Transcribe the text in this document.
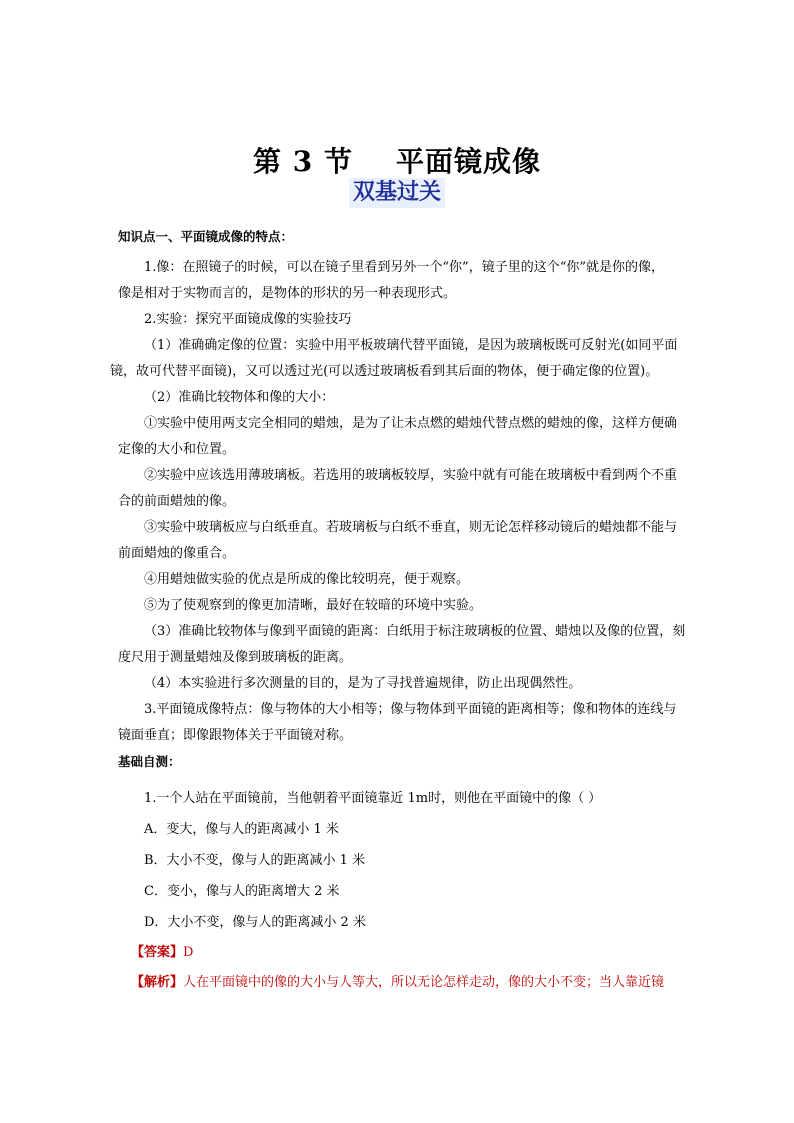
第 3 节    平面镜成像
双基过关
知识点一、平面镜成像的特点：
1.像：在照镜子的时候，可以在镜子里看到另外一个“你”，镜子里的这个“你”就是你的像，
像是相对于实物而言的，是物体的形状的另一种表现形式。
2.实验：探究平面镜成像的实验技巧
（1）准确确定像的位置：实验中用平板玻璃代替平面镜，是因为玻璃板既可反射光(如同平面
镜，故可代替平面镜)，又可以透过光(可以透过玻璃板看到其后面的物体，便于确定像的位置)。
（2）准确比较物体和像的大小：
①实验中使用两支完全相同的蜡烛，是为了让未点燃的蜡烛代替点燃的蜡烛的像，这样方便确
定像的大小和位置。
②实验中应该选用薄玻璃板。若选用的玻璃板较厚，实验中就有可能在玻璃板中看到两个不重
合的前面蜡烛的像。
③实验中玻璃板应与白纸垂直。若玻璃板与白纸不垂直，则无论怎样移动镜后的蜡烛都不能与
前面蜡烛的像重合。
④用蜡烛做实验的优点是所成的像比较明亮，便于观察。
⑤为了使观察到的像更加清晰，最好在较暗的环境中实验。
（3）准确比较物体与像到平面镜的距离：白纸用于标注玻璃板的位置、蜡烛以及像的位置，刻
度尺用于测量蜡烛及像到玻璃板的距离。
（4）本实验进行多次测量的目的，是为了寻找普遍规律，防止出现偶然性。
3.平面镜成像特点：像与物体的大小相等；像与物体到平面镜的距离相等；像和物体的连线与
镜面垂直；即像跟物体关于平面镜对称。
基础自测：
1.一个人站在平面镜前，当他朝着平面镜靠近 1m时，则他在平面镜中的像（ ）
A．变大，像与人的距离减小 1 米
B．大小不变，像与人的距离减小 1 米
C．变小，像与人的距离增大 2 米
D．大小不变，像与人的距离减小 2 米
【答案】D
【解析】人在平面镜中的像的大小与人等大，所以无论怎样走动，像的大小不变；当人靠近镜
